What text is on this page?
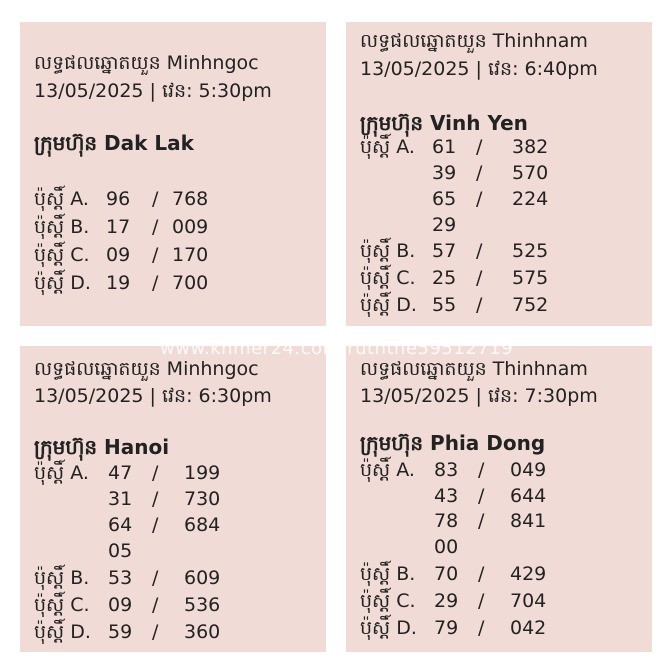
លទ្ធផលឆ្នោតយួន Minhngoc
13/05/2025 | វេន: 5:30pm
ក្រុមហ៊ុន Dak Lak
ប៉ុស្តិ៍ A. 96 / 768
ប៉ុស្តិ៍ B. 17 / 009
ប៉ុស្តិ៍ C. 09 / 170
ប៉ុស្តិ៍ D. 19 / 700
លទ្ធផលឆ្នោតយួន Thinhnam
13/05/2025 | វេន: 6:40pm
ក្រុមហ៊ុន Vinh Yen
ប៉ុស្តិ៍ A. 61 / 382
39 / 570
65 / 224
29
ប៉ុស្តិ៍ B. 57 / 525
ប៉ុស្តិ៍ C. 25 / 575
ប៉ុស្តិ៍ D. 55 / 752
លទ្ធផលឆ្នោតយួន Minhngoc
13/05/2025 | វេន: 6:30pm
ក្រុមហ៊ុន Hanoi
ប៉ុស្តិ៍ A. 47 / 199
31 / 730
64 / 684
05
ប៉ុស្តិ៍ B. 53 / 609
ប៉ុស្តិ៍ C. 09 / 536
ប៉ុស្តិ៍ D. 59 / 360
លទ្ធផលឆ្នោតយួន Thinhnam
13/05/2025 | វេន: 7:30pm
ក្រុមហ៊ុន Phia Dong
ប៉ុស្តិ៍ A. 83 / 049
43 / 644
78 / 841
00
ប៉ុស្តិ៍ B. 70 / 429
ប៉ុស្តិ៍ C. 29 / 704
ប៉ុស្តិ៍ D. 79 / 042
www.khmer24.com/ruththe59512719
